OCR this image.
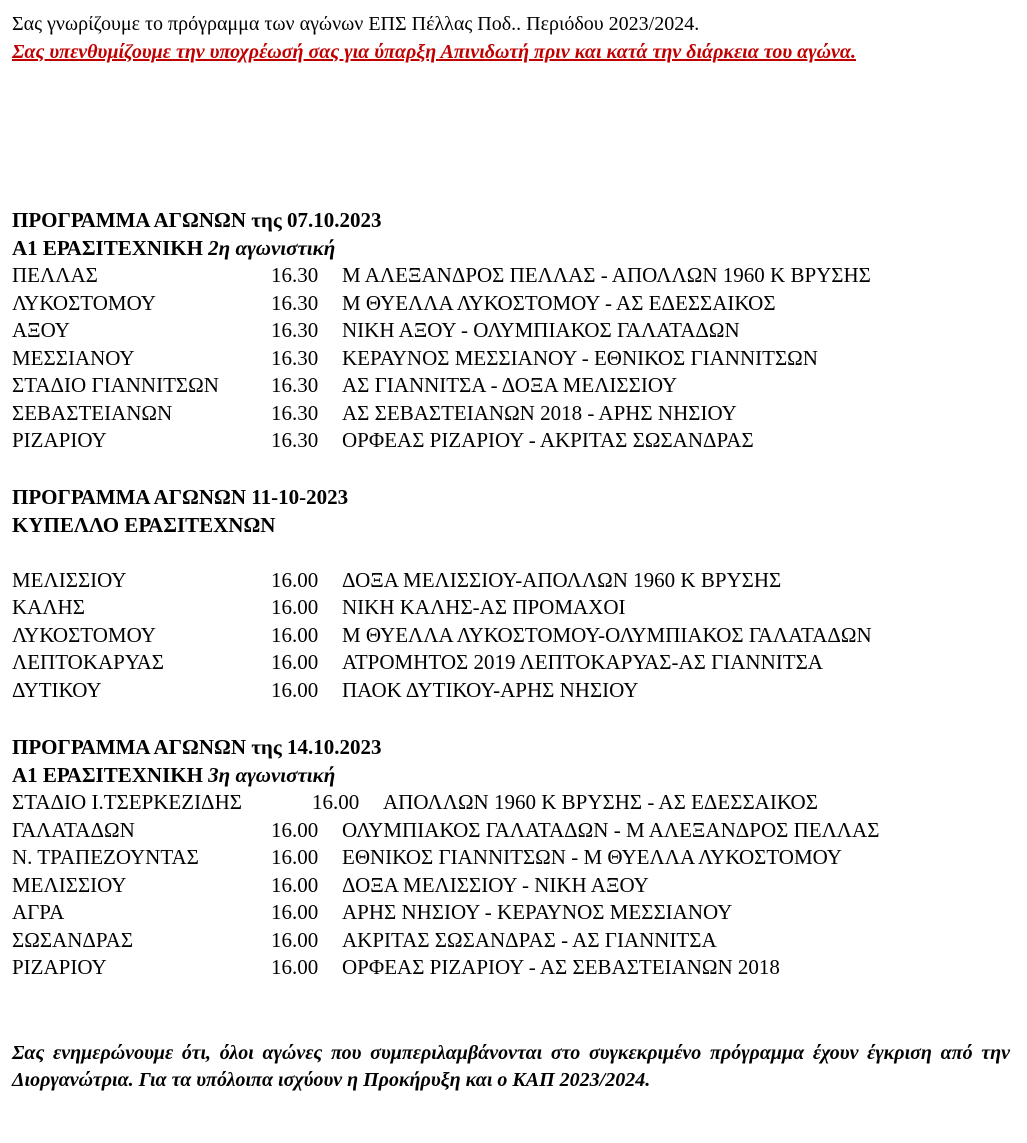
Σας γνωρίζουμε το πρόγραμμα των αγώνων ΕΠΣ Πέλλας Ποδ.. Περιόδου 2023/2024.
Σας υπενθυμίζουμε την υποχρέωσή σας για ύπαρξη Απινιδωτή πριν και κατά την διάρκεια του αγώνα.
ΠΡΟΓΡΑΜΜΑ ΑΓΩΝΩΝ της 07.10.2023
Α1 ΕΡΑΣΙΤΕΧΝΙΚΗ 2η αγωνιστική
ΠΕΛΛΑΣ	16.30	Μ ΑΛΕΞΑΝΔΡΟΣ ΠΕΛΛΑΣ - ΑΠΟΛΛΩΝ 1960 Κ ΒΡΥΣΗΣ
ΛΥΚΟΣΤΟΜΟΥ	16.30	Μ ΘΥΕΛΛΑ ΛΥΚΟΣΤΟΜΟΥ - ΑΣ ΕΔΕΣΣΑΙΚΟΣ
ΑΞΟΥ	16.30	ΝΙΚΗ ΑΞΟΥ - ΟΛΥΜΠΙΑΚΟΣ ΓΑΛΑΤΑΔΩΝ
ΜΕΣΣΙΑΝΟΥ	16.30	ΚΕΡΑΥΝΟΣ ΜΕΣΣΙΑΝΟΥ - ΕΘΝΙΚΟΣ ΓΙΑΝΝΙΤΣΩΝ
ΣΤΑΔΙΟ ΓΙΑΝΝΙΤΣΩΝ	16.30	ΑΣ ΓΙΑΝΝΙΤΣΑ - ΔΟΞΑ ΜΕΛΙΣΣΙΟΥ
ΣΕΒΑΣΤΕΙΑΝΩΝ	16.30	ΑΣ ΣΕΒΑΣΤΕΙΑΝΩΝ 2018 - ΑΡΗΣ ΝΗΣΙΟΥ
ΡΙΖΑΡΙΟΥ	16.30	ΟΡΦΕΑΣ ΡΙΖΑΡΙΟΥ - ΑΚΡΙΤΑΣ ΣΩΣΑΝΔΡΑΣ
ΠΡΟΓΡΑΜΜΑ ΑΓΩΝΩΝ 11-10-2023
ΚΥΠΕΛΛΟ ΕΡΑΣΙΤΕΧΝΩΝ
ΜΕΛΙΣΣΙΟΥ	16.00	ΔΟΞΑ ΜΕΛΙΣΣΙΟΥ-ΑΠΟΛΛΩΝ 1960 Κ ΒΡΥΣΗΣ
ΚΑΛΗΣ	16.00	ΝΙΚΗ ΚΑΛΗΣ-ΑΣ ΠΡΟΜΑΧΟΙ
ΛΥΚΟΣΤΟΜΟΥ	16.00	Μ ΘΥΕΛΛΑ ΛΥΚΟΣΤΟΜΟΥ-ΟΛΥΜΠΙΑΚΟΣ ΓΑΛΑΤΑΔΩΝ
ΛΕΠΤΟΚΑΡΥΑΣ	16.00	ΑΤΡΟΜΗΤΟΣ 2019 ΛΕΠΤΟΚΑΡΥΑΣ-ΑΣ ΓΙΑΝΝΙΤΣΑ
ΔΥΤΙΚΟΥ	16.00	ΠΑΟΚ ΔΥΤΙΚΟΥ-ΑΡΗΣ ΝΗΣΙΟΥ
ΠΡΟΓΡΑΜΜΑ ΑΓΩΝΩΝ της 14.10.2023
Α1 ΕΡΑΣΙΤΕΧΝΙΚΗ 3η αγωνιστική
ΣΤΑΔΙΟ Ι.ΤΣΕΡΚΕΖΙΔΗΣ	16.00	ΑΠΟΛΛΩΝ 1960 Κ ΒΡΥΣΗΣ - ΑΣ ΕΔΕΣΣΑΙΚΟΣ
ΓΑΛΑΤΑΔΩΝ	16.00	ΟΛΥΜΠΙΑΚΟΣ ΓΑΛΑΤΑΔΩΝ - Μ ΑΛΕΞΑΝΔΡΟΣ ΠΕΛΛΑΣ
Ν. ΤΡΑΠΕΖΟΥΝΤΑΣ	16.00	ΕΘΝΙΚΟΣ ΓΙΑΝΝΙΤΣΩΝ - Μ ΘΥΕΛΛΑ ΛΥΚΟΣΤΟΜΟΥ
ΜΕΛΙΣΣΙΟΥ	16.00	ΔΟΞΑ ΜΕΛΙΣΣΙΟΥ - ΝΙΚΗ ΑΞΟΥ
ΑΓΡΑ	16.00	ΑΡΗΣ ΝΗΣΙΟΥ - ΚΕΡΑΥΝΟΣ ΜΕΣΣΙΑΝΟΥ
ΣΩΣΑΝΔΡΑΣ	16.00	ΑΚΡΙΤΑΣ ΣΩΣΑΝΔΡΑΣ - ΑΣ ΓΙΑΝΝΙΤΣΑ
ΡΙΖΑΡΙΟΥ	16.00	ΟΡΦΕΑΣ ΡΙΖΑΡΙΟΥ - ΑΣ ΣΕΒΑΣΤΕΙΑΝΩΝ 2018
Σας ενημερώνουμε ότι, όλοι αγώνες που συμπεριλαμβάνονται στο συγκεκριμένο πρόγραμμα έχουν έγκριση από την Διοργανώτρια. Για τα υπόλοιπα ισχύουν η Προκήρυξη και ο ΚΑΠ 2023/2024.
